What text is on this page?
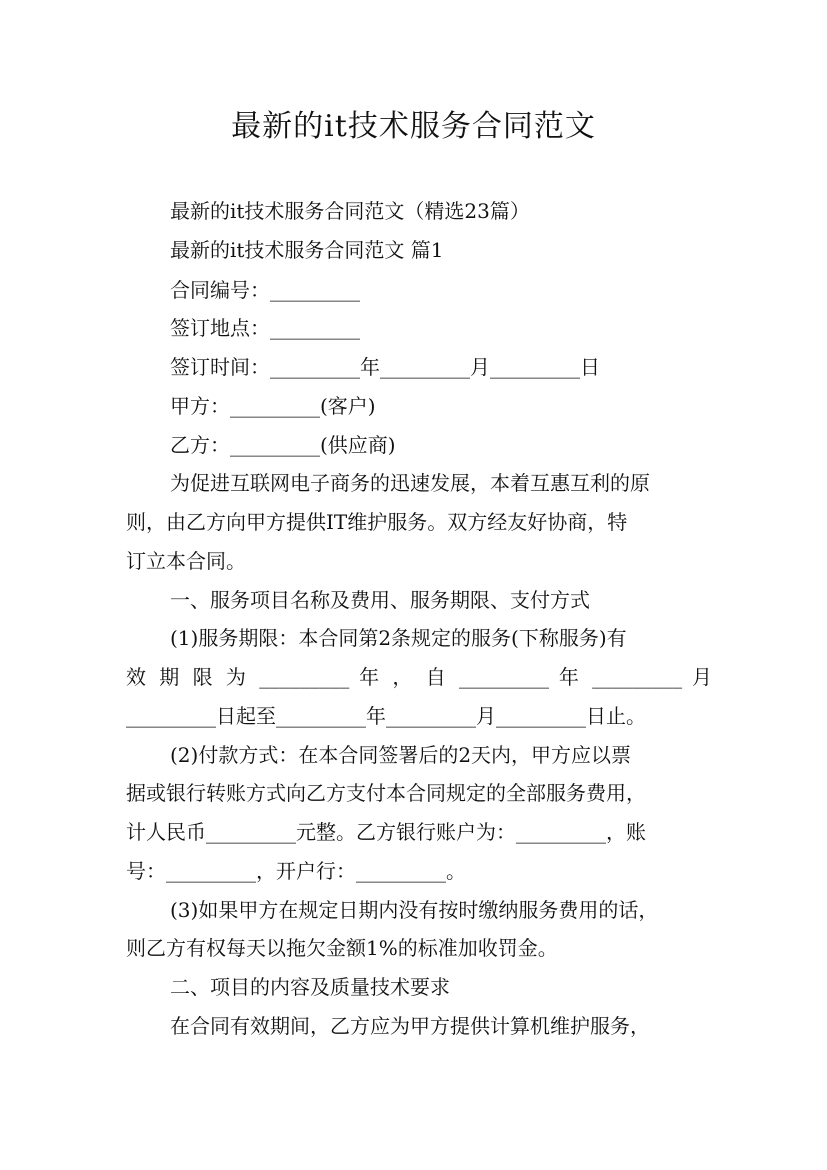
最新的it技术服务合同范文
最新的it技术服务合同范文（精选23篇）
最新的it技术服务合同范文 篇1
合同编号：_________
签订地点：_________
签订时间：_________年_________月_________日
甲方：_________(客户)
乙方：_________(供应商)
为促进互联网电子商务的迅速发展，本着互惠互利的原
则，由乙方向甲方提供IT维护服务。双方经友好协商，特
订立本合同。
一、服务项目名称及费用、服务期限、支付方式
(1)服务期限：本合同第2条规定的服务(下称服务)有
效 期 限 为 _________ 年 ， 自 _________ 年 _________ 月
_________日起至_________年_________月_________日止。
(2)付款方式：在本合同签署后的2天内，甲方应以票
据或银行转账方式向乙方支付本合同规定的全部服务费用，
计人民币_________元整。乙方银行账户为：_________，账
号：_________，开户行：_________。
(3)如果甲方在规定日期内没有按时缴纳服务费用的话，
则乙方有权每天以拖欠金额1%的标准加收罚金。
二、项目的内容及质量技术要求
在合同有效期间，乙方应为甲方提供计算机维护服务，
